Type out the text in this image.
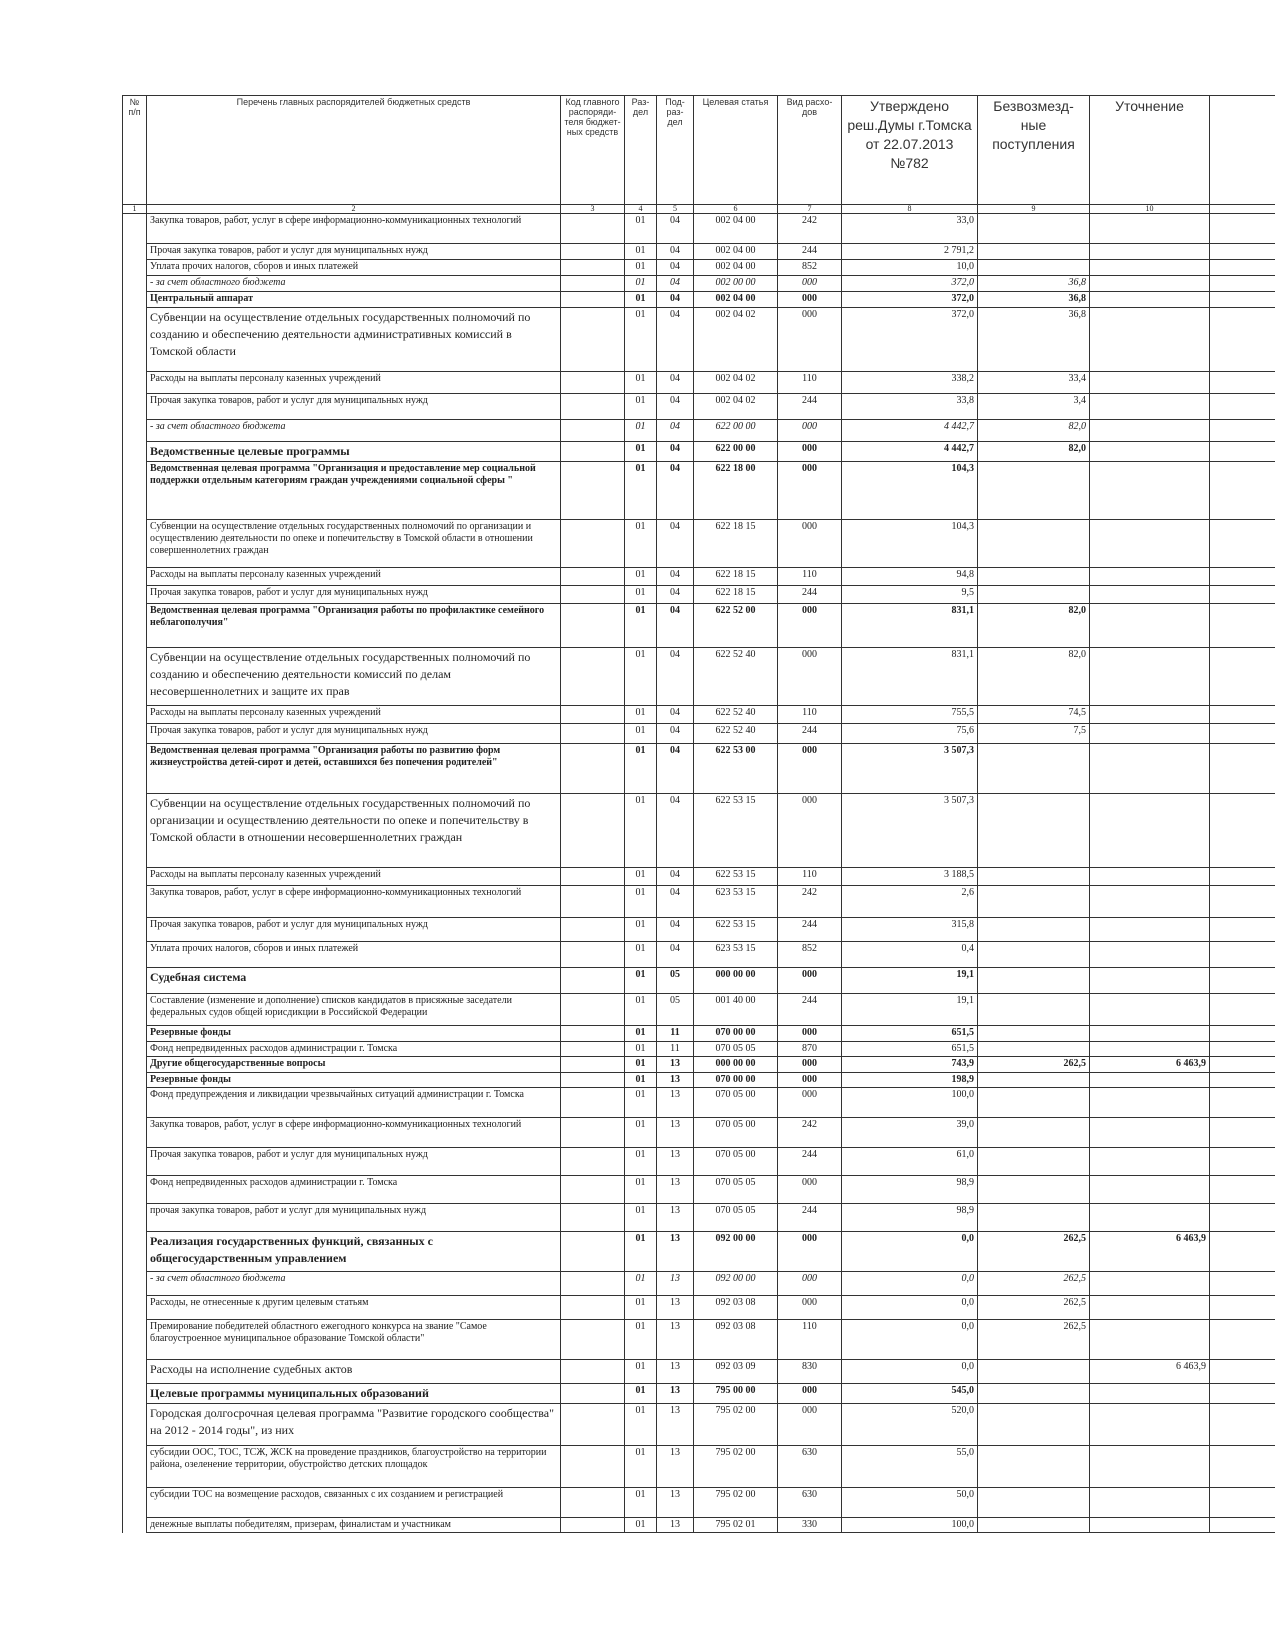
№ п/п	Перечень главных распорядителей бюджетных средств	Код главного распоряди-теля бюджет-ных средств	Раз-дел	Под-раз-дел	Целевая статья	Вид расхо-дов	Утверждено реш.Думы г.Томска от 22.07.2013 №782	Безвозмезд-ные поступления	Уточнение	
1	2	3	4	5	6	7	8	9	10	
	Закупка товаров, работ, услуг в сфере информационно-коммуникационных технологий		01	04	002 04 00	242	33,0			
	Прочая закупка товаров, работ и услуг для муниципальных нужд		01	04	002 04 00	244	2 791,2			
	Уплата прочих налогов, сборов и иных платежей		01	04	002 04 00	852	10,0			
	- за счет областного бюджета		01	04	002 00 00	000	372,0	36,8		
	Центральный аппарат		01	04	002 04 00	000	372,0	36,8		
	Субвенции на осуществление отдельных государственных полномочий по созданию и обеспечению деятельности административных комиссий в Томской области		01	04	002 04 02	000	372,0	36,8		
	Расходы на выплаты персоналу казенных учреждений		01	04	002 04 02	110	338,2	33,4		
	Прочая закупка товаров, работ и услуг для муниципальных нужд		01	04	002 04 02	244	33,8	3,4		
	- за счет областного бюджета		01	04	622 00 00	000	4 442,7	82,0		
	Ведомственные целевые программы		01	04	622 00 00	000	4 442,7	82,0		
	Ведомственная целевая программа "Организация и предоставление мер социальной поддержки отдельным категориям граждан учреждениями социальной сферы "		01	04	622 18 00	000	104,3			
	Субвенции на осуществление отдельных государственных полномочий по организации и осуществлению деятельности по опеке и попечительству в Томской области в отношении совершеннолетних граждан		01	04	622 18 15	000	104,3			
	Расходы на выплаты персоналу казенных учреждений		01	04	622 18 15	110	94,8			
	Прочая закупка товаров, работ и услуг для муниципальных нужд		01	04	622 18 15	244	9,5			
	Ведомственная целевая программа "Организация работы по профилактике семейного неблагополучия"		01	04	622 52 00	000	831,1	82,0		
	Субвенции на осуществление отдельных государственных полномочий по созданию и обеспечению деятельности комиссий по делам несовершеннолетних и защите их прав		01	04	622 52 40	000	831,1	82,0		
	Расходы на выплаты персоналу казенных учреждений		01	04	622 52 40	110	755,5	74,5		
	Прочая закупка товаров, работ и услуг для муниципальных нужд		01	04	622 52 40	244	75,6	7,5		
	Ведомственная целевая программа "Организация работы по развитию форм жизнеустройства детей-сирот и детей, оставшихся без попечения родителей"		01	04	622 53 00	000	3 507,3			
	Субвенции на осуществление отдельных государственных полномочий по организации и осуществлению деятельности по опеке и попечительству в Томской области в отношении несовершеннолетних граждан		01	04	622 53 15	000	3 507,3			
	Расходы на выплаты персоналу казенных учреждений		01	04	622 53 15	110	3 188,5			
	Закупка товаров, работ, услуг в сфере информационно-коммуникационных технологий		01	04	623 53 15	242	2,6			
	Прочая закупка товаров, работ и услуг для муниципальных нужд		01	04	622 53 15	244	315,8			
	Уплата прочих налогов, сборов и иных платежей		01	04	623 53 15	852	0,4			
	Судебная система		01	05	000 00 00	000	19,1			
	Составление (изменение и дополнение) списков кандидатов в присяжные заседатели федеральных судов общей юрисдикции в Российской Федерации		01	05	001 40 00	244	19,1			
	Резервные фонды		01	11	070 00 00	000	651,5			
	Фонд непредвиденных расходов администрации г. Томска		01	11	070 05 05	870	651,5			
	Другие общегосударственные вопросы		01	13	000 00 00	000	743,9	262,5	6 463,9	
	Резервные фонды		01	13	070 00 00	000	198,9			
	Фонд предупреждения и ликвидации чрезвычайных ситуаций администрации г. Томска		01	13	070 05 00	000	100,0			
	Закупка товаров, работ, услуг в сфере информационно-коммуникационных технологий		01	13	070 05 00	242	39,0			
	Прочая закупка товаров, работ и услуг для муниципальных нужд		01	13	070 05 00	244	61,0			
	Фонд непредвиденных расходов администрации г. Томска		01	13	070 05 05	000	98,9			
	прочая закупка товаров, работ и услуг для муниципальных нужд		01	13	070 05 05	244	98,9			
	Реализация государственных функций, связанных с общегосударственным управлением		01	13	092 00 00	000	0,0	262,5	6 463,9	
	- за счет областного бюджета		01	13	092 00 00	000	0,0	262,5		
	Расходы, не отнесенные к другим целевым статьям		01	13	092 03 08	000	0,0	262,5		
	Премирование победителей областного ежегодного конкурса на звание "Самое благоустроенное муниципальное образование Томской области"		01	13	092 03 08	110	0,0	262,5		
	Расходы на исполнение судебных актов		01	13	092 03 09	830	0,0		6 463,9	
	Целевые программы муниципальных образований		01	13	795 00 00	000	545,0			
	Городская долгосрочная целевая программа "Развитие городского сообщества" на 2012 - 2014 годы", из них		01	13	795 02 00	000	520,0			
	субсидии ООС, ТОС, ТСЖ, ЖСК на проведение праздников, благоустройство на территории района, озеленение территории, обустройство детских площадок		01	13	795 02 00	630	55,0			
	субсидии ТОС на возмещение расходов, связанных с их созданием и регистрацией		01	13	795 02 00	630	50,0			
	денежные выплаты победителям, призерам, финалистам и участникам		01	13	795 02 01	330	100,0			
